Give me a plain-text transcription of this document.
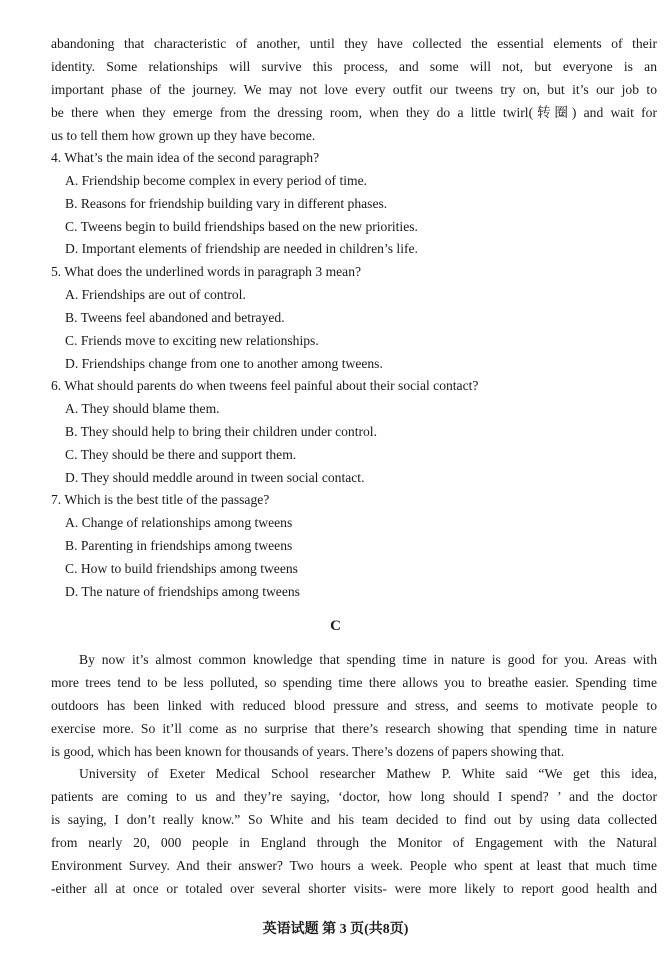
abandoning that characteristic of another, until they have collected the essential elements of their
identity. Some relationships will survive this process, and some will not, but everyone is an
important phase of the journey. We may not love every outfit our tweens try on, but it’s our job to
be there when they emerge from the dressing room, when they do a little twirl(转圈) and wait for
us to tell them how grown up they have become.
4. What’s the main idea of the second paragraph?
A. Friendship become complex in every period of time.
B. Reasons for friendship building vary in different phases.
C. Tweens begin to build friendships based on the new priorities.
D. Important elements of friendship are needed in children’s life.
5. What does the underlined words in paragraph 3 mean?
A. Friendships are out of control.
B. Tweens feel abandoned and betrayed.
C. Friends move to exciting new relationships.
D. Friendships change from one to another among tweens.
6. What should parents do when tweens feel painful about their social contact?
A. They should blame them.
B. They should help to bring their children under control.
C. They should be there and support them.
D. They should meddle around in tween social contact.
7. Which is the best title of the passage?
A. Change of relationships among tweens
B. Parenting in friendships among tweens
C. How to build friendships among tweens
D. The nature of friendships among tweens
C
By now it’s almost common knowledge that spending time in nature is good for you. Areas with
more trees tend to be less polluted, so spending time there allows you to breathe easier. Spending time
outdoors has been linked with reduced blood pressure and stress, and seems to motivate people to
exercise more. So it’ll come as no surprise that there’s research showing that spending time in nature
is good, which has been known for thousands of years. There’s dozens of papers showing that.
University of Exeter Medical School researcher Mathew P. White said “We get this idea,
patients are coming to us and they’re saying, ‘doctor, how long should I spend? ’ and the doctor
is saying, I don’t really know.” So White and his team decided to find out by using data collected
from nearly 20, 000 people in England through the Monitor of Engagement with the Natural
Environment Survey. And their answer? Two hours a week. People who spent at least that much time
-either all at once or totaled over several shorter visits- were more likely to report good health and
英语试题 第 3 页(共8页)
